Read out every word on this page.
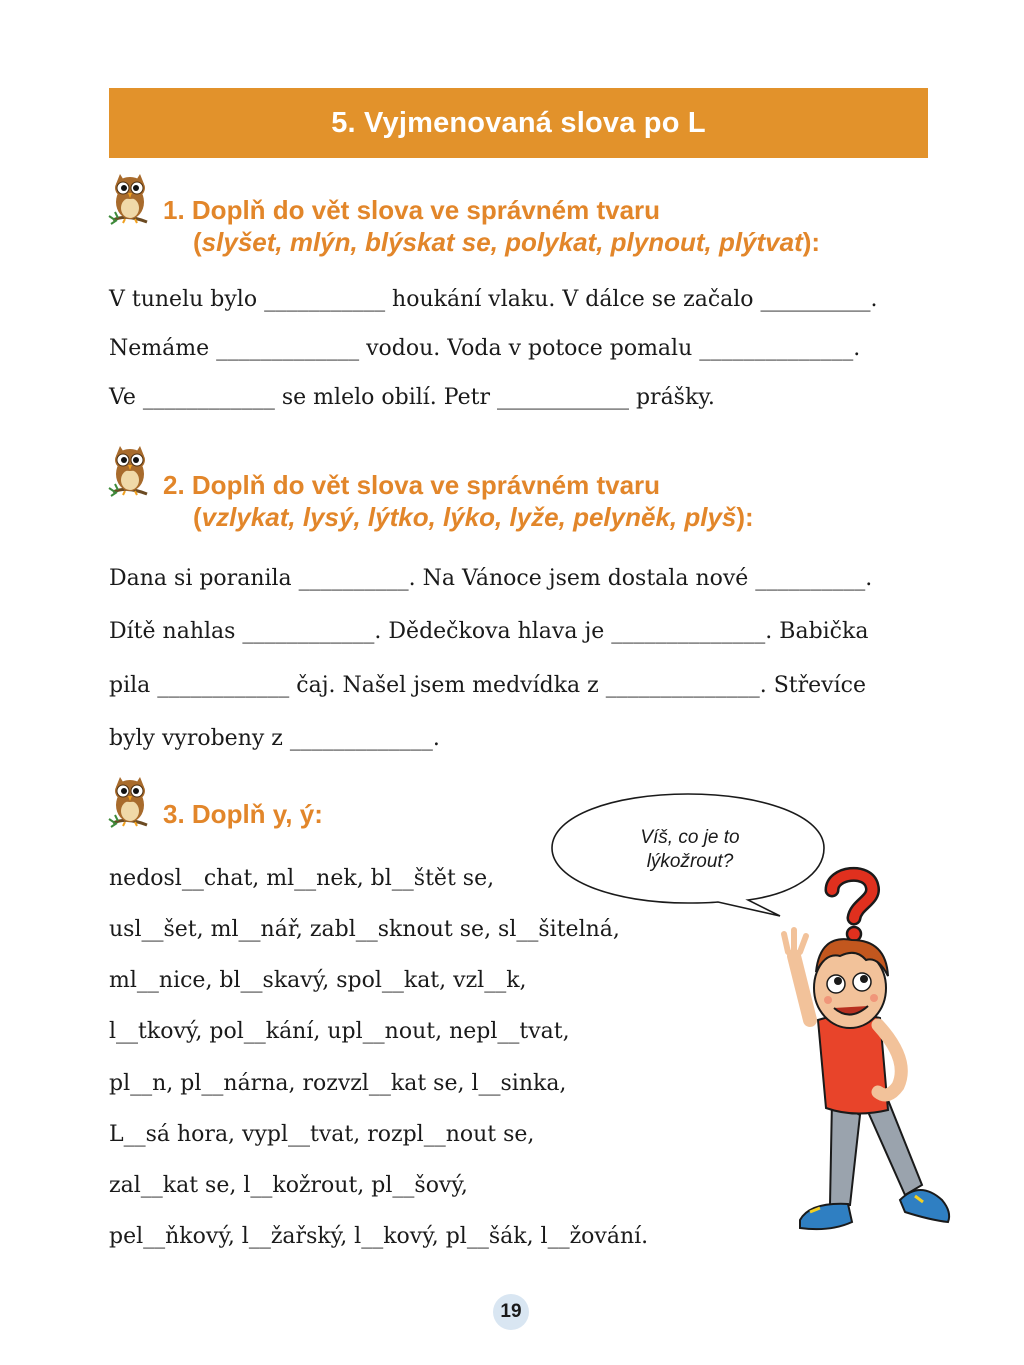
5. Vyjmenovaná slova po L
1. Doplň do vět slova ve správném tvaru
(slyšet, mlýn, blýskat se, polykat, plynout, plýtvat):
V tunelu bylo ___________ houkání vlaku. V dálce se začalo __________.
Nemáme _____________ vodou. Voda v potoce pomalu ______________.
Ve ____________ se mlelo obilí. Petr ____________ prášky.
2. Doplň do vět slova ve správném tvaru
(vzlykat, lysý, lýtko, lýko, lyže, pelyněk, plyš):
Dana si poranila __________. Na Vánoce jsem dostala nové __________.
Dítě nahlas ____________. Dědečkova hlava je ______________. Babička
pila ____________ čaj. Našel jsem medvídka z ______________. Střevíce
byly vyrobeny z _____________.
3. Doplň y, ý:
nedosl__chat, ml__nek, bl__štět se,
usl__šet, ml__nář, zabl__sknout se, sl__šitelná,
ml__nice, bl__skavý, spol__kat, vzl__k,
l__tkový, pol__kání, upl__nout, nepl__tvat,
pl__n, pl__nárna, rozvzl__kat se, l__sinka,
L__sá hora, vypl__tvat, rozpl__nout se,
zal__kat se, l__kožrout, pl__šový,
pel__ňkový, l__žařský, l__kový, pl__šák, l__žování.
Víš, co je to
lýkožrout?
19
